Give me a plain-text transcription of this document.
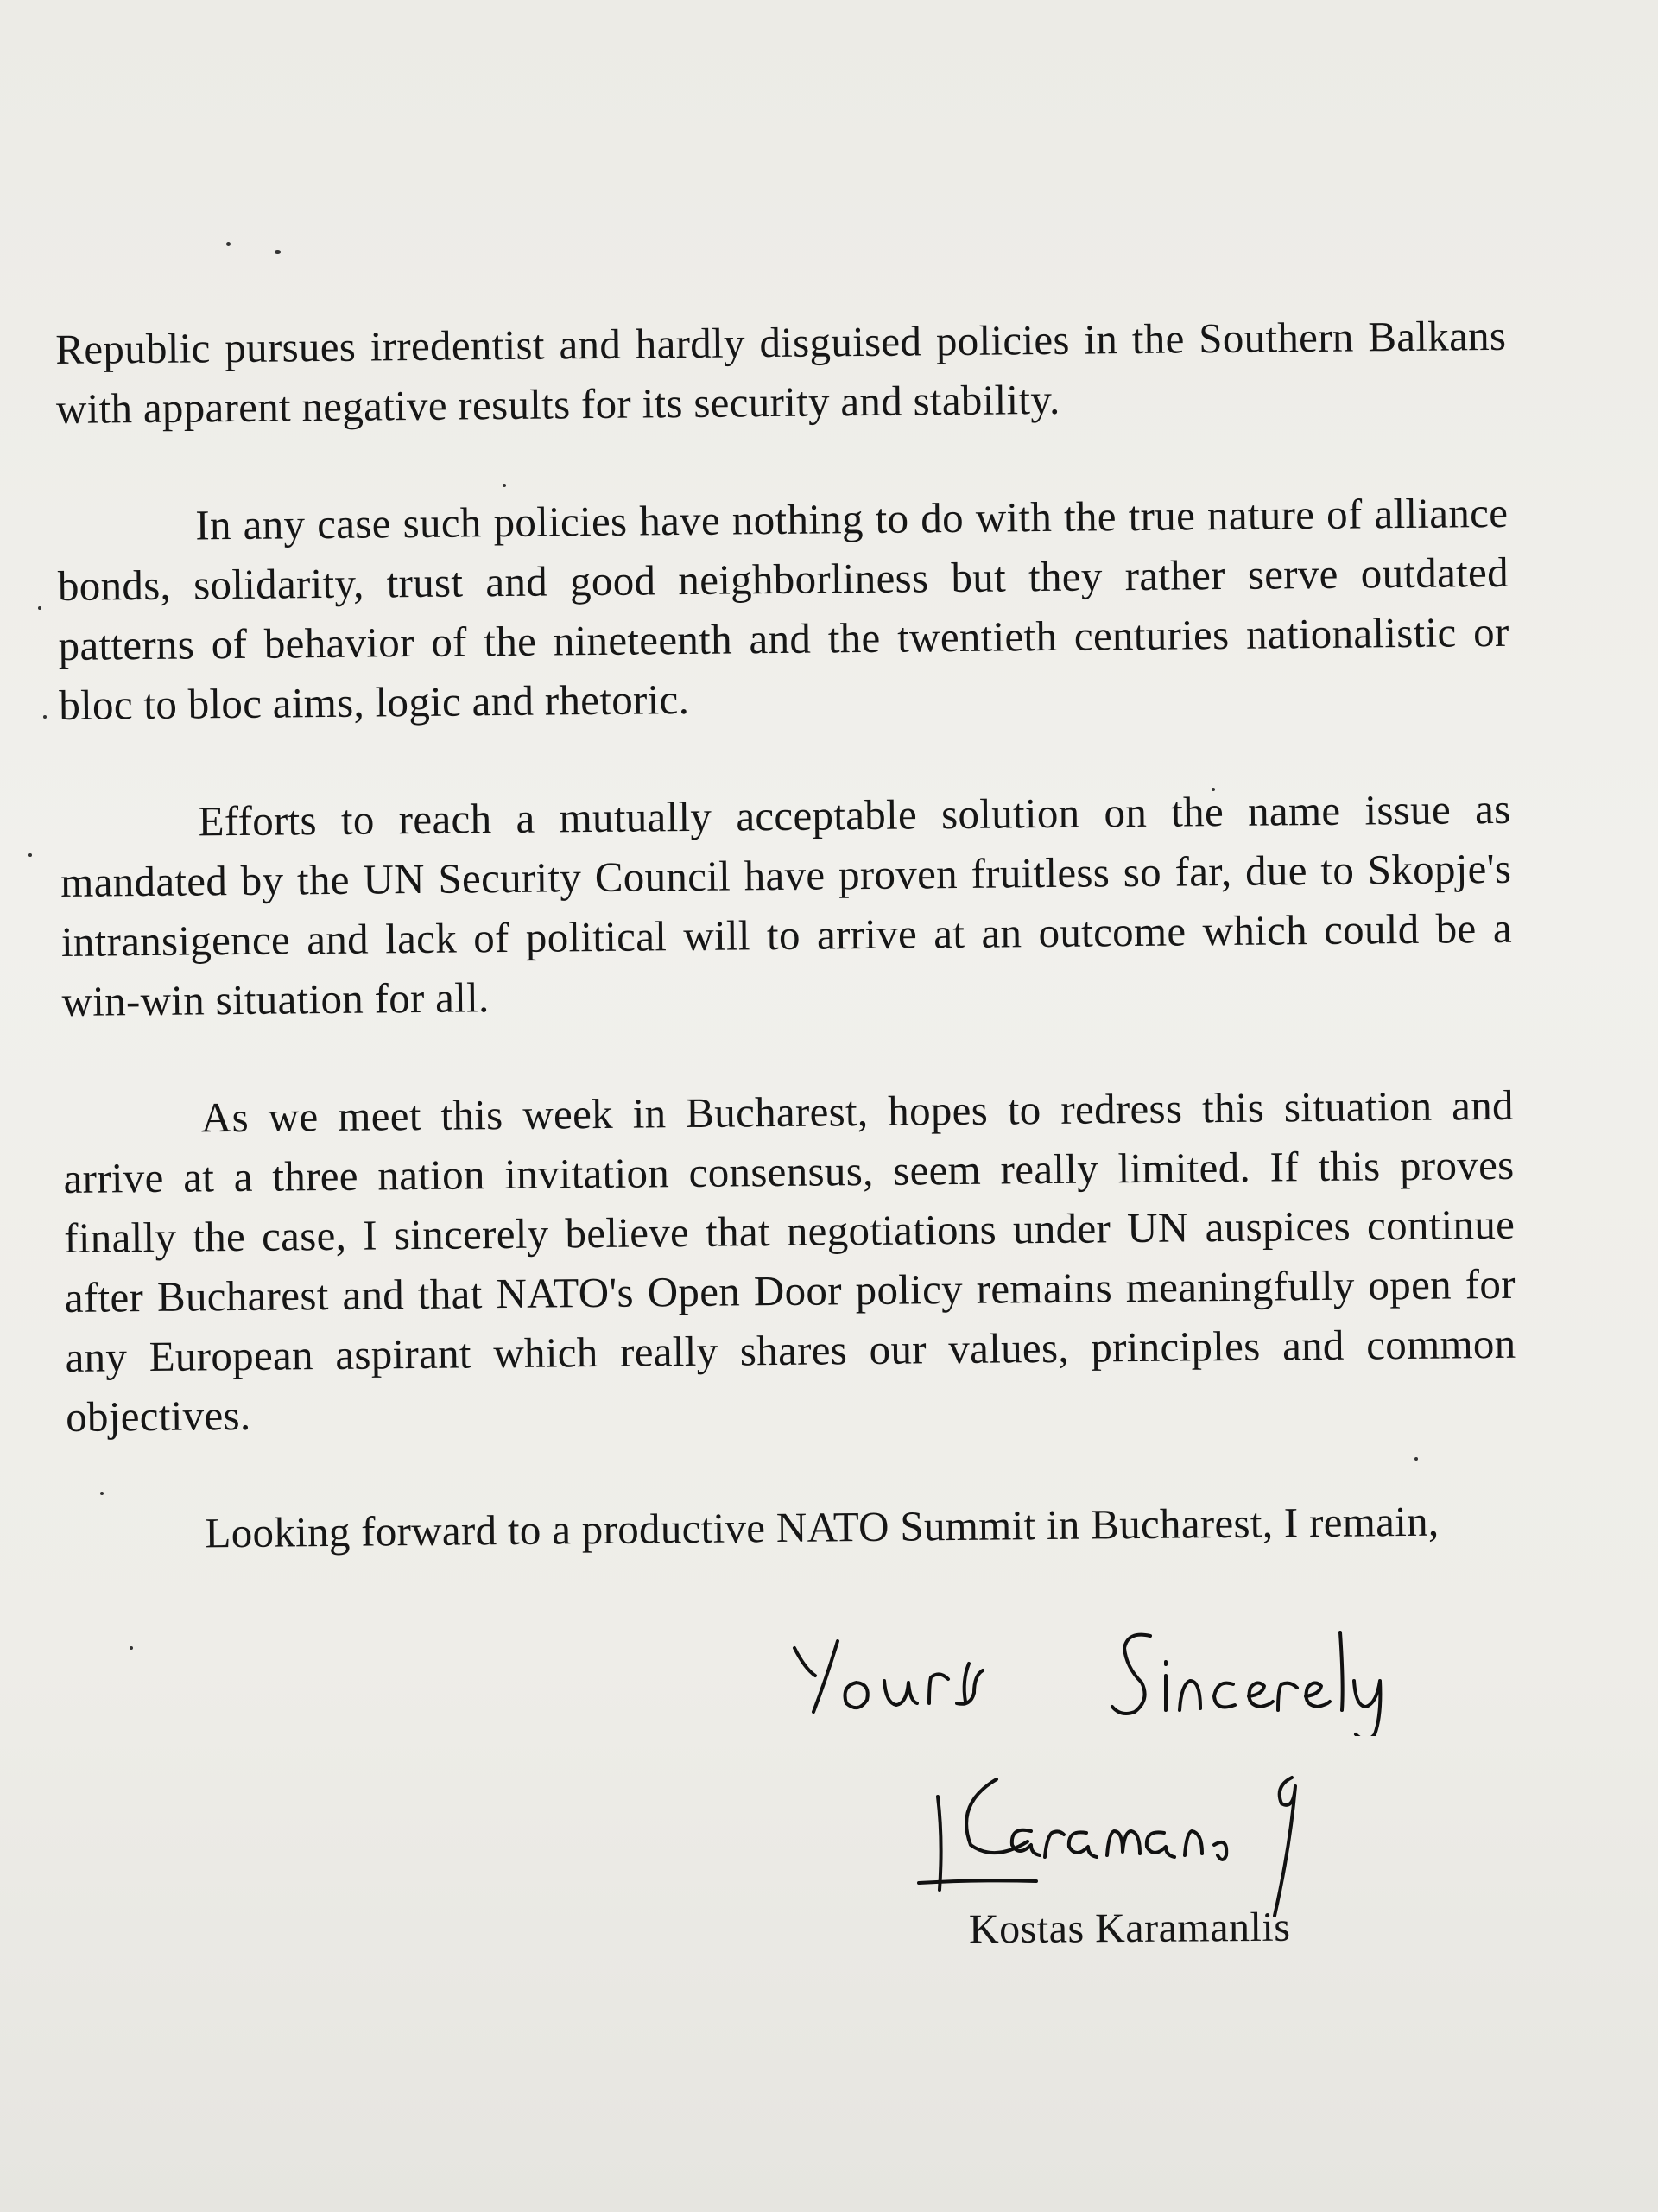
Republic pursues irredentist and hardly disguised policies in the Southern Balkans with apparent negative results for its security and stability.

In any case such policies have nothing to do with the true nature of alliance bonds, solidarity, trust and good neighborliness but they rather serve outdated patterns of behavior of the nineteenth and the twentieth centuries nationalistic or bloc to bloc aims, logic and rhetoric.

Efforts to reach a mutually acceptable solution on the name issue as mandated by the UN Security Council have proven fruitless so far, due to Skopje's intransigence and lack of political will to arrive at an outcome which could be a win-win situation for all.

As we meet this week in Bucharest, hopes to redress this situation and arrive at a three nation invitation consensus, seem really limited. If this proves finally the case, I sincerely believe that negotiations under UN auspices continue after Bucharest and that NATO's Open Door policy remains meaningfully open for any European aspirant which really shares our values, principles and common objectives.

Looking forward to a productive NATO Summit in Bucharest, I remain,

Kostas Karamanlis
